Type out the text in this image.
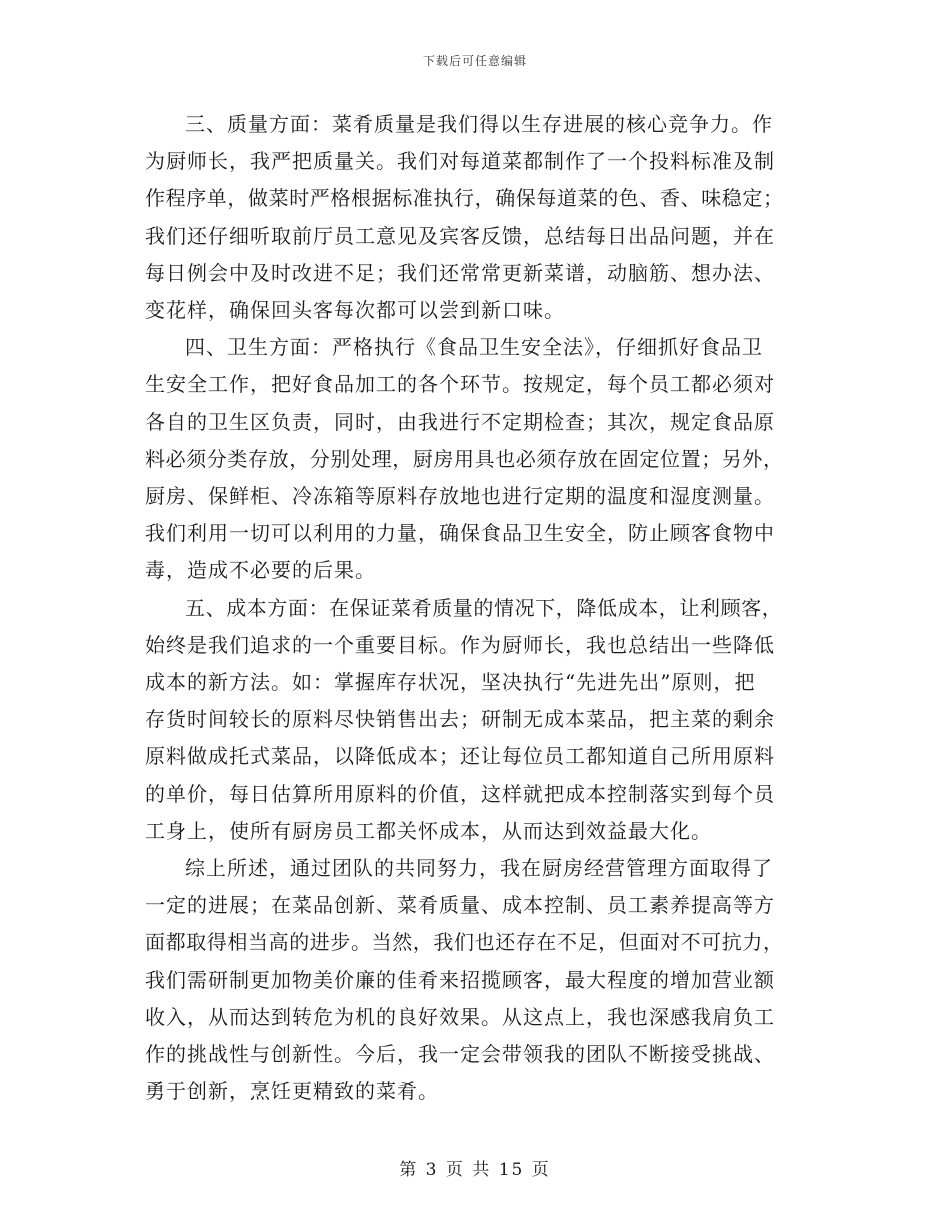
下载后可任意编辑
三、质量方面：菜肴质量是我们得以生存进展的核心竞争力。作
为厨师长，我严把质量关。我们对每道菜都制作了一个投料标准及制
作程序单，做菜时严格根据标准执行，确保每道菜的色、香、味稳定；
我们还仔细听取前厅员工意见及宾客反馈，总结每日出品问题，并在
每日例会中及时改进不足；我们还常常更新菜谱，动脑筋、想办法、
变花样，确保回头客每次都可以尝到新口味。
四、卫生方面：严格执行《食品卫生安全法》，仔细抓好食品卫
生安全工作，把好食品加工的各个环节。按规定，每个员工都必须对
各自的卫生区负责，同时，由我进行不定期检查；其次，规定食品原
料必须分类存放，分别处理，厨房用具也必须存放在固定位置；另外，
厨房、保鲜柜、冷冻箱等原料存放地也进行定期的温度和湿度测量。
我们利用一切可以利用的力量，确保食品卫生安全，防止顾客食物中
毒，造成不必要的后果。
五、成本方面：在保证菜肴质量的情况下，降低成本，让利顾客，
始终是我们追求的一个重要目标。作为厨师长，我也总结出一些降低
成本的新方法。如：掌握库存状况，坚决执行“先进先出”原则，把
存货时间较长的原料尽快销售出去；研制无成本菜品，把主菜的剩余
原料做成托式菜品，以降低成本；还让每位员工都知道自己所用原料
的单价，每日估算所用原料的价值，这样就把成本控制落实到每个员
工身上，使所有厨房员工都关怀成本，从而达到效益最大化。
综上所述，通过团队的共同努力，我在厨房经营管理方面取得了
一定的进展；在菜品创新、菜肴质量、成本控制、员工素养提高等方
面都取得相当高的进步。当然，我们也还存在不足，但面对不可抗力，
我们需研制更加物美价廉的佳肴来招揽顾客，最大程度的增加营业额
收入，从而达到转危为机的良好效果。从这点上，我也深感我肩负工
作的挑战性与创新性。今后，我一定会带领我的团队不断接受挑战、
勇于创新，烹饪更精致的菜肴。
第 3 页 共 15 页
